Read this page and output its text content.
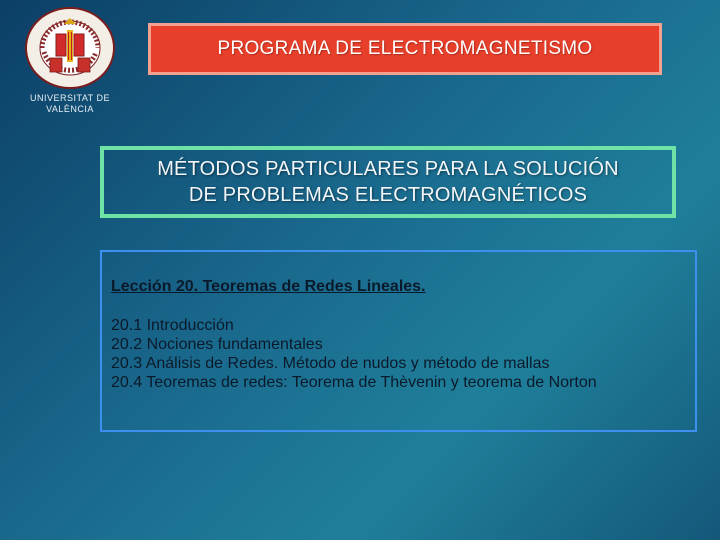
UNIVERSITAT DE
VALÈNCIA
PROGRAMA DE ELECTROMAGNETISMO
MÉTODOS PARTICULARES PARA LA SOLUCIÓN
DE PROBLEMAS ELECTROMAGNÉTICOS
Lección 20. Teoremas de Redes Lineales.
20.1 Introducción
20.2 Nociones fundamentales
20.3 Análisis de Redes. Método de nudos y método de mallas
20.4 Teoremas de redes: Teorema de Thèvenin y teorema de Norton
